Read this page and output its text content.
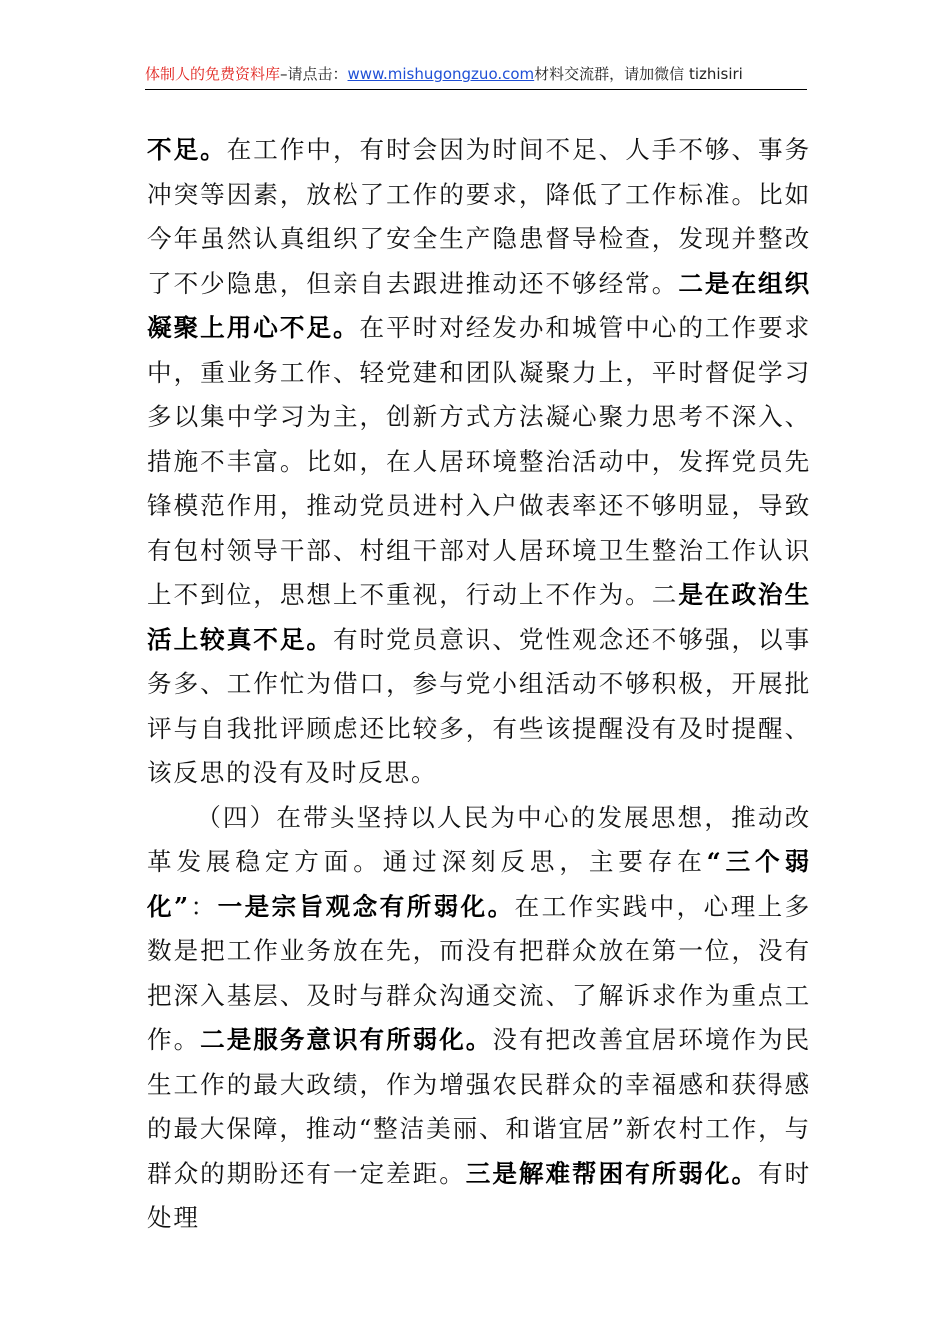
体制人的免费资料库–请点击：www.mishugongzuo.com材料交流群，请加微信 tizhisiri

不足。在工作中，有时会因为时间不足、人手不够、事务冲突等因素，放松了工作的要求，降低了工作标准。比如今年虽然认真组织了安全生产隐患督导检查，发现并整改了不少隐患，但亲自去跟进推动还不够经常。二是在组织凝聚上用心不足。在平时对经发办和城管中心的工作要求中，重业务工作、轻党建和团队凝聚力上，平时督促学习多以集中学习为主，创新方式方法凝心聚力思考不深入、措施不丰富。比如，在人居环境整治活动中，发挥党员先锋模范作用，推动党员进村入户做表率还不够明显，导致有包村领导干部、村组干部对人居环境卫生整治工作认识上不到位，思想上不重视，行动上不作为。二是在政治生活上较真不足。有时党员意识、党性观念还不够强，以事务多、工作忙为借口，参与党小组活动不够积极，开展批评与自我批评顾虑还比较多，有些该提醒没有及时提醒、该反思的没有及时反思。

（四）在带头坚持以人民为中心的发展思想，推动改革发展稳定方面。通过深刻反思，主要存在“三个弱化”：一是宗旨观念有所弱化。在工作实践中，心理上多数是把工作业务放在先，而没有把群众放在第一位，没有把深入基层、及时与群众沟通交流、了解诉求作为重点工作。二是服务意识有所弱化。没有把改善宜居环境作为民生工作的最大政绩，作为增强农民群众的幸福感和获得感的最大保障，推动“整洁美丽、和谐宜居”新农村工作，与群众的期盼还有一定差距。三是解难帮困有所弱化。有时处理
